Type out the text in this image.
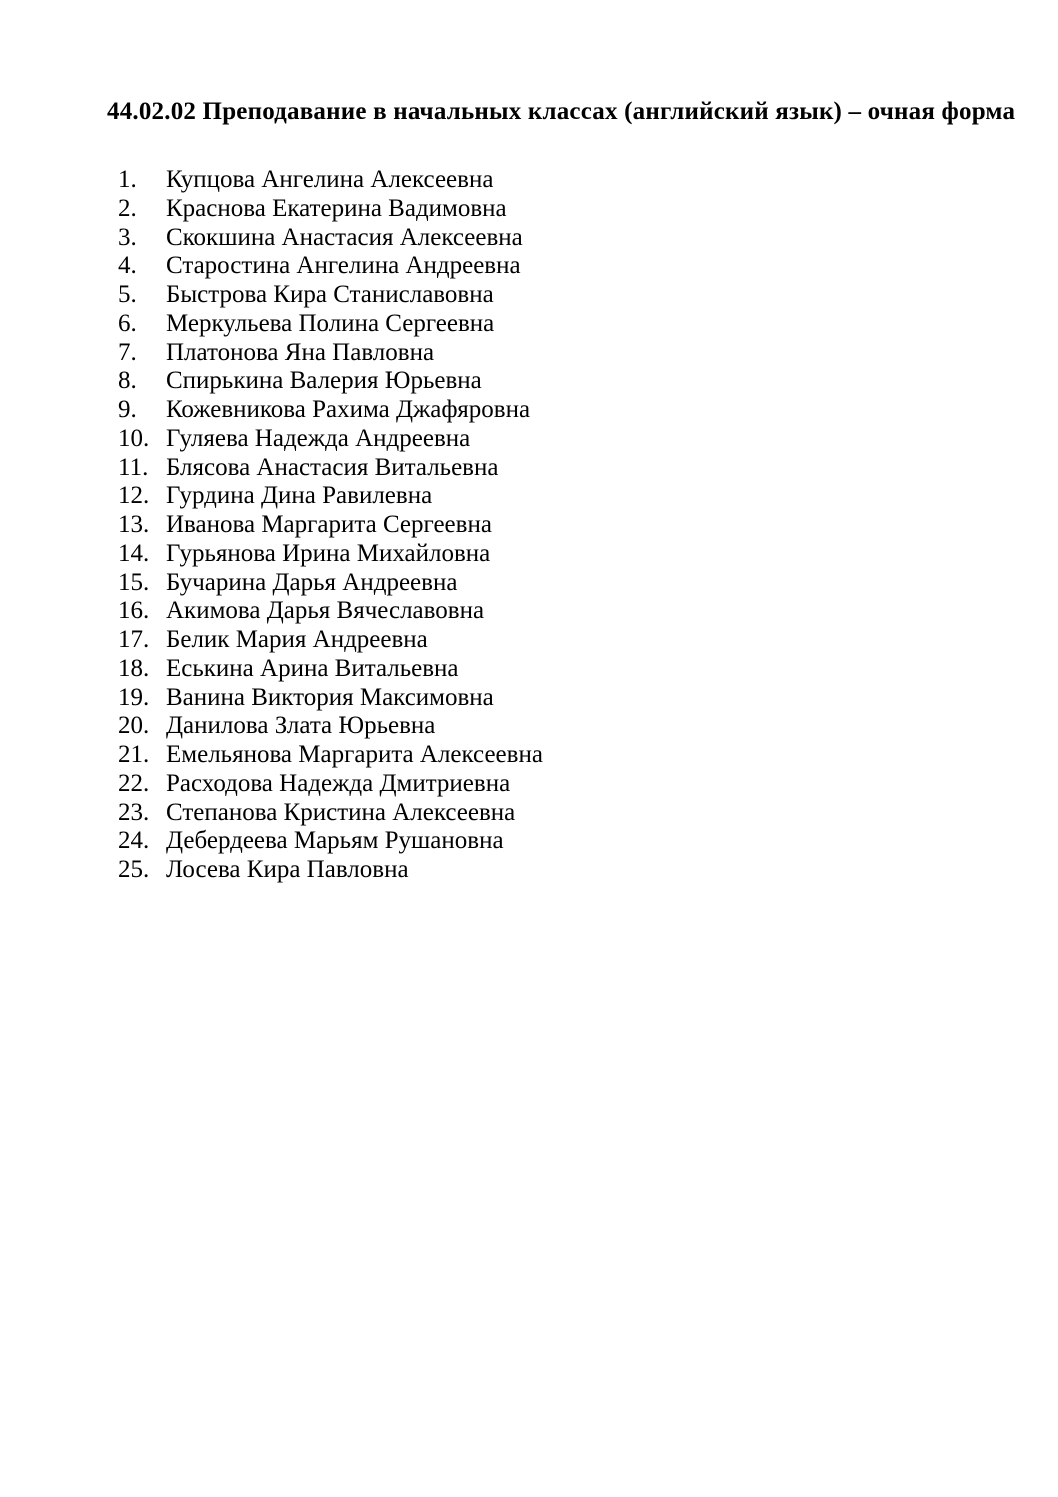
44.02.02 Преподавание в начальных классах (английский язык) – очная форма
1.	Купцова Ангелина Алексеевна
2.	Краснова Екатерина Вадимовна
3.	Скокшина Анастасия Алексеевна
4.	Старостина Ангелина Андреевна
5.	Быстрова Кира Станиславовна
6.	Меркульева Полина Сергеевна
7.	Платонова Яна Павловна
8.	Спирькина Валерия Юрьевна
9.	Кожевникова Рахима Джафяровна
10. Гуляева Надежда Андреевна
11. Блясова Анастасия Витальевна
12. Гурдина Дина Равилевна
13. Иванова Маргарита Сергеевна
14. Гурьянова Ирина Михайловна
15. Бучарина Дарья Андреевна
16. Акимова Дарья Вячеславовна
17. Белик Мария Андреевна
18. Еськина Арина Витальевна
19. Ванина Виктория Максимовна
20. Данилова Злата Юрьевна
21. Емельянова Маргарита Алексеевна
22. Расходова Надежда Дмитриевна
23. Степанова Кристина Алексеевна
24. Дебердеева Марьям Рушановна
25. Лосева Кира Павловна
